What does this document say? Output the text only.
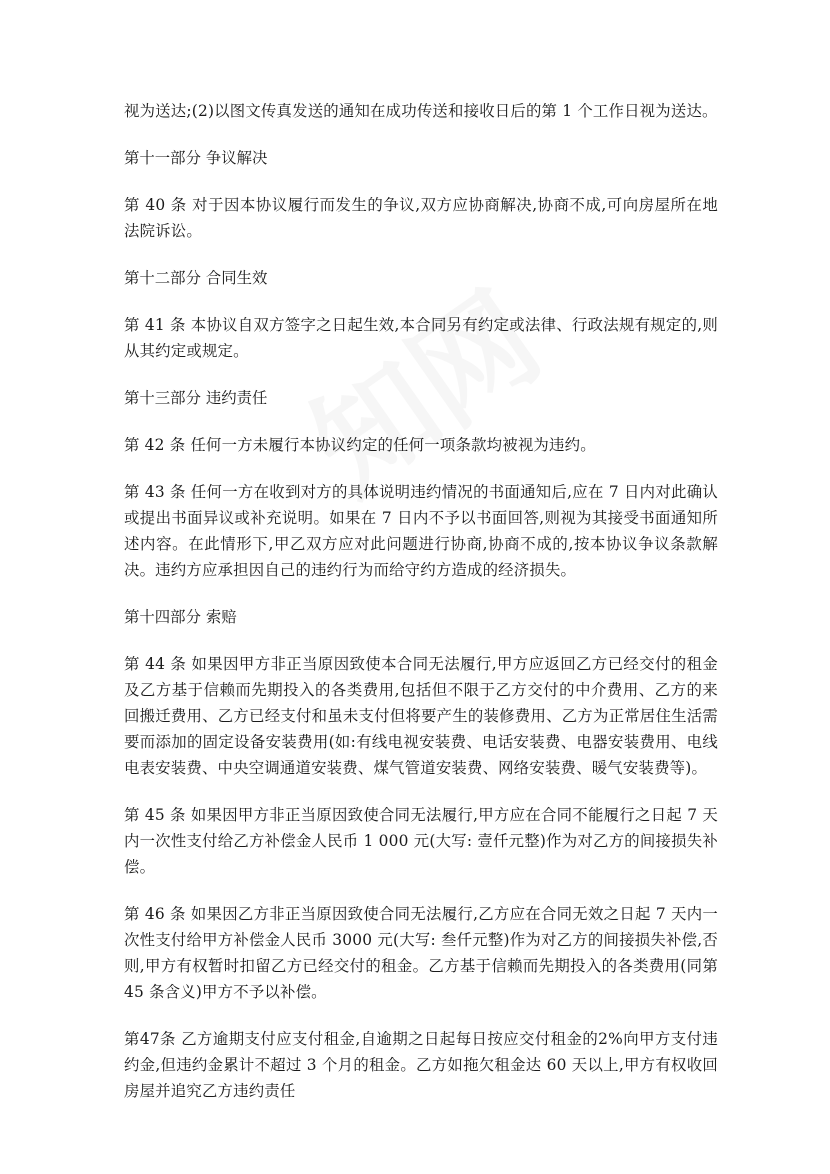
视为送达;(2)以图文传真发送的通知在成功传送和接收日后的第 1 个工作日视为送达。

第十一部分 争议解决

第 40 条 对于因本协议履行而发生的争议,双方应协商解决,协商不成,可向房屋所在地法院诉讼。

第十二部分 合同生效

第 41 条 本协议自双方签字之日起生效,本合同另有约定或法律、行政法规有规定的,则从其约定或规定。

第十三部分 违约责任

第 42 条 任何一方未履行本协议约定的任何一项条款均被视为违约。

第 43 条 任何一方在收到对方的具体说明违约情况的书面通知后,应在 7 日内对此确认或提出书面异议或补充说明。如果在 7 日内不予以书面回答,则视为其接受书面通知所述内容。在此情形下,甲乙双方应对此问题进行协商,协商不成的,按本协议争议条款解决。违约方应承担因自己的违约行为而给守约方造成的经济损失。

第十四部分 索赔

第 44 条 如果因甲方非正当原因致使本合同无法履行,甲方应返回乙方已经交付的租金及乙方基于信赖而先期投入的各类费用,包括但不限于乙方交付的中介费用、乙方的来回搬迁费用、乙方已经支付和虽未支付但将要产生的装修费用、乙方为正常居住生活需要而添加的固定设备安装费用(如:有线电视安装费、电话安装费、电器安装费用、电线电表安装费、中央空调通道安装费、煤气管道安装费、网络安装费、暖气安装费等)。

第 45 条 如果因甲方非正当原因致使合同无法履行,甲方应在合同不能履行之日起 7 天内一次性支付给乙方补偿金人民币 1 000 元(大写: 壹仟元整)作为对乙方的间接损失补偿。

第 46 条 如果因乙方非正当原因致使合同无法履行,乙方应在合同无效之日起 7 天内一次性支付给甲方补偿金人民币 3000 元(大写: 叁仟元整)作为对乙方的间接损失补偿,否则,甲方有权暂时扣留乙方已经交付的租金。乙方基于信赖而先期投入的各类费用(同第 45 条含义)甲方不予以补偿。

第47条 乙方逾期支付应支付租金,自逾期之日起每日按应交付租金的2%向甲方支付违约金,但违约金累计不超过 3 个月的租金。乙方如拖欠租金达 60 天以上,甲方有权收回房屋并追究乙方违约责任
